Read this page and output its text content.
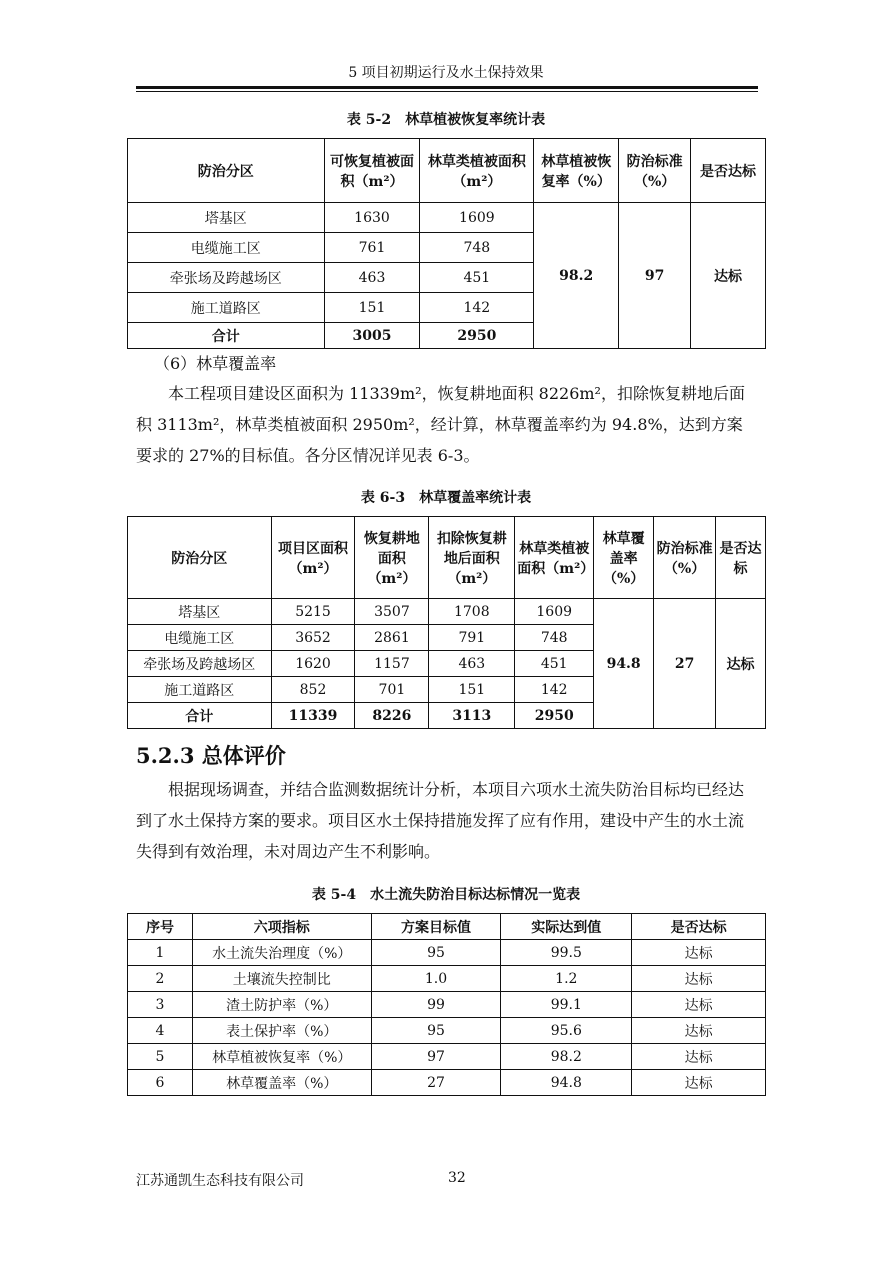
5 项目初期运行及水土保持效果
表 5-2　林草植被恢复率统计表
防治分区	可恢复植被面积（m²）	林草类植被面积（m²）	林草植被恢复率（%）	防治标准（%）	是否达标
塔基区	1630	1609	98.2	97	达标
电缆施工区	761	748			
牵张场及跨越场区	463	451			
施工道路区	151	142			
合计	3005	2950			
（6）林草覆盖率
本工程项目建设区面积为 11339m²，恢复耕地面积 8226m²，扣除恢复耕地后面积 3113m²，林草类植被面积 2950m²，经计算，林草覆盖率约为 94.8%，达到方案要求的 27%的目标值。各分区情况详见表 6-3。
表 6-3　林草覆盖率统计表
防治分区	项目区面积（m²）	恢复耕地面积（m²）	扣除恢复耕地后面积（m²）	林草类植被面积（m²）	林草覆盖率（%）	防治标准（%）	是否达标
塔基区	5215	3507	1708	1609	94.8	27	达标
电缆施工区	3652	2861	791	748			
牵张场及跨越场区	1620	1157	463	451			
施工道路区	852	701	151	142			
合计	11339	8226	3113	2950			
5.2.3 总体评价
根据现场调查，并结合监测数据统计分析，本项目六项水土流失防治目标均已经达到了水土保持方案的要求。项目区水土保持措施发挥了应有作用，建设中产生的水土流失得到有效治理，未对周边产生不利影响。
表 5-4　水土流失防治目标达标情况一览表
序号	六项指标	方案目标值	实际达到值	是否达标
1	水土流失治理度（%）	95	99.5	达标
2	土壤流失控制比	1.0	1.2	达标
3	渣土防护率（%）	99	99.1	达标
4	表土保护率（%）	95	95.6	达标
5	林草植被恢复率（%）	97	98.2	达标
6	林草覆盖率（%）	27	94.8	达标
江苏通凯生态科技有限公司	32
